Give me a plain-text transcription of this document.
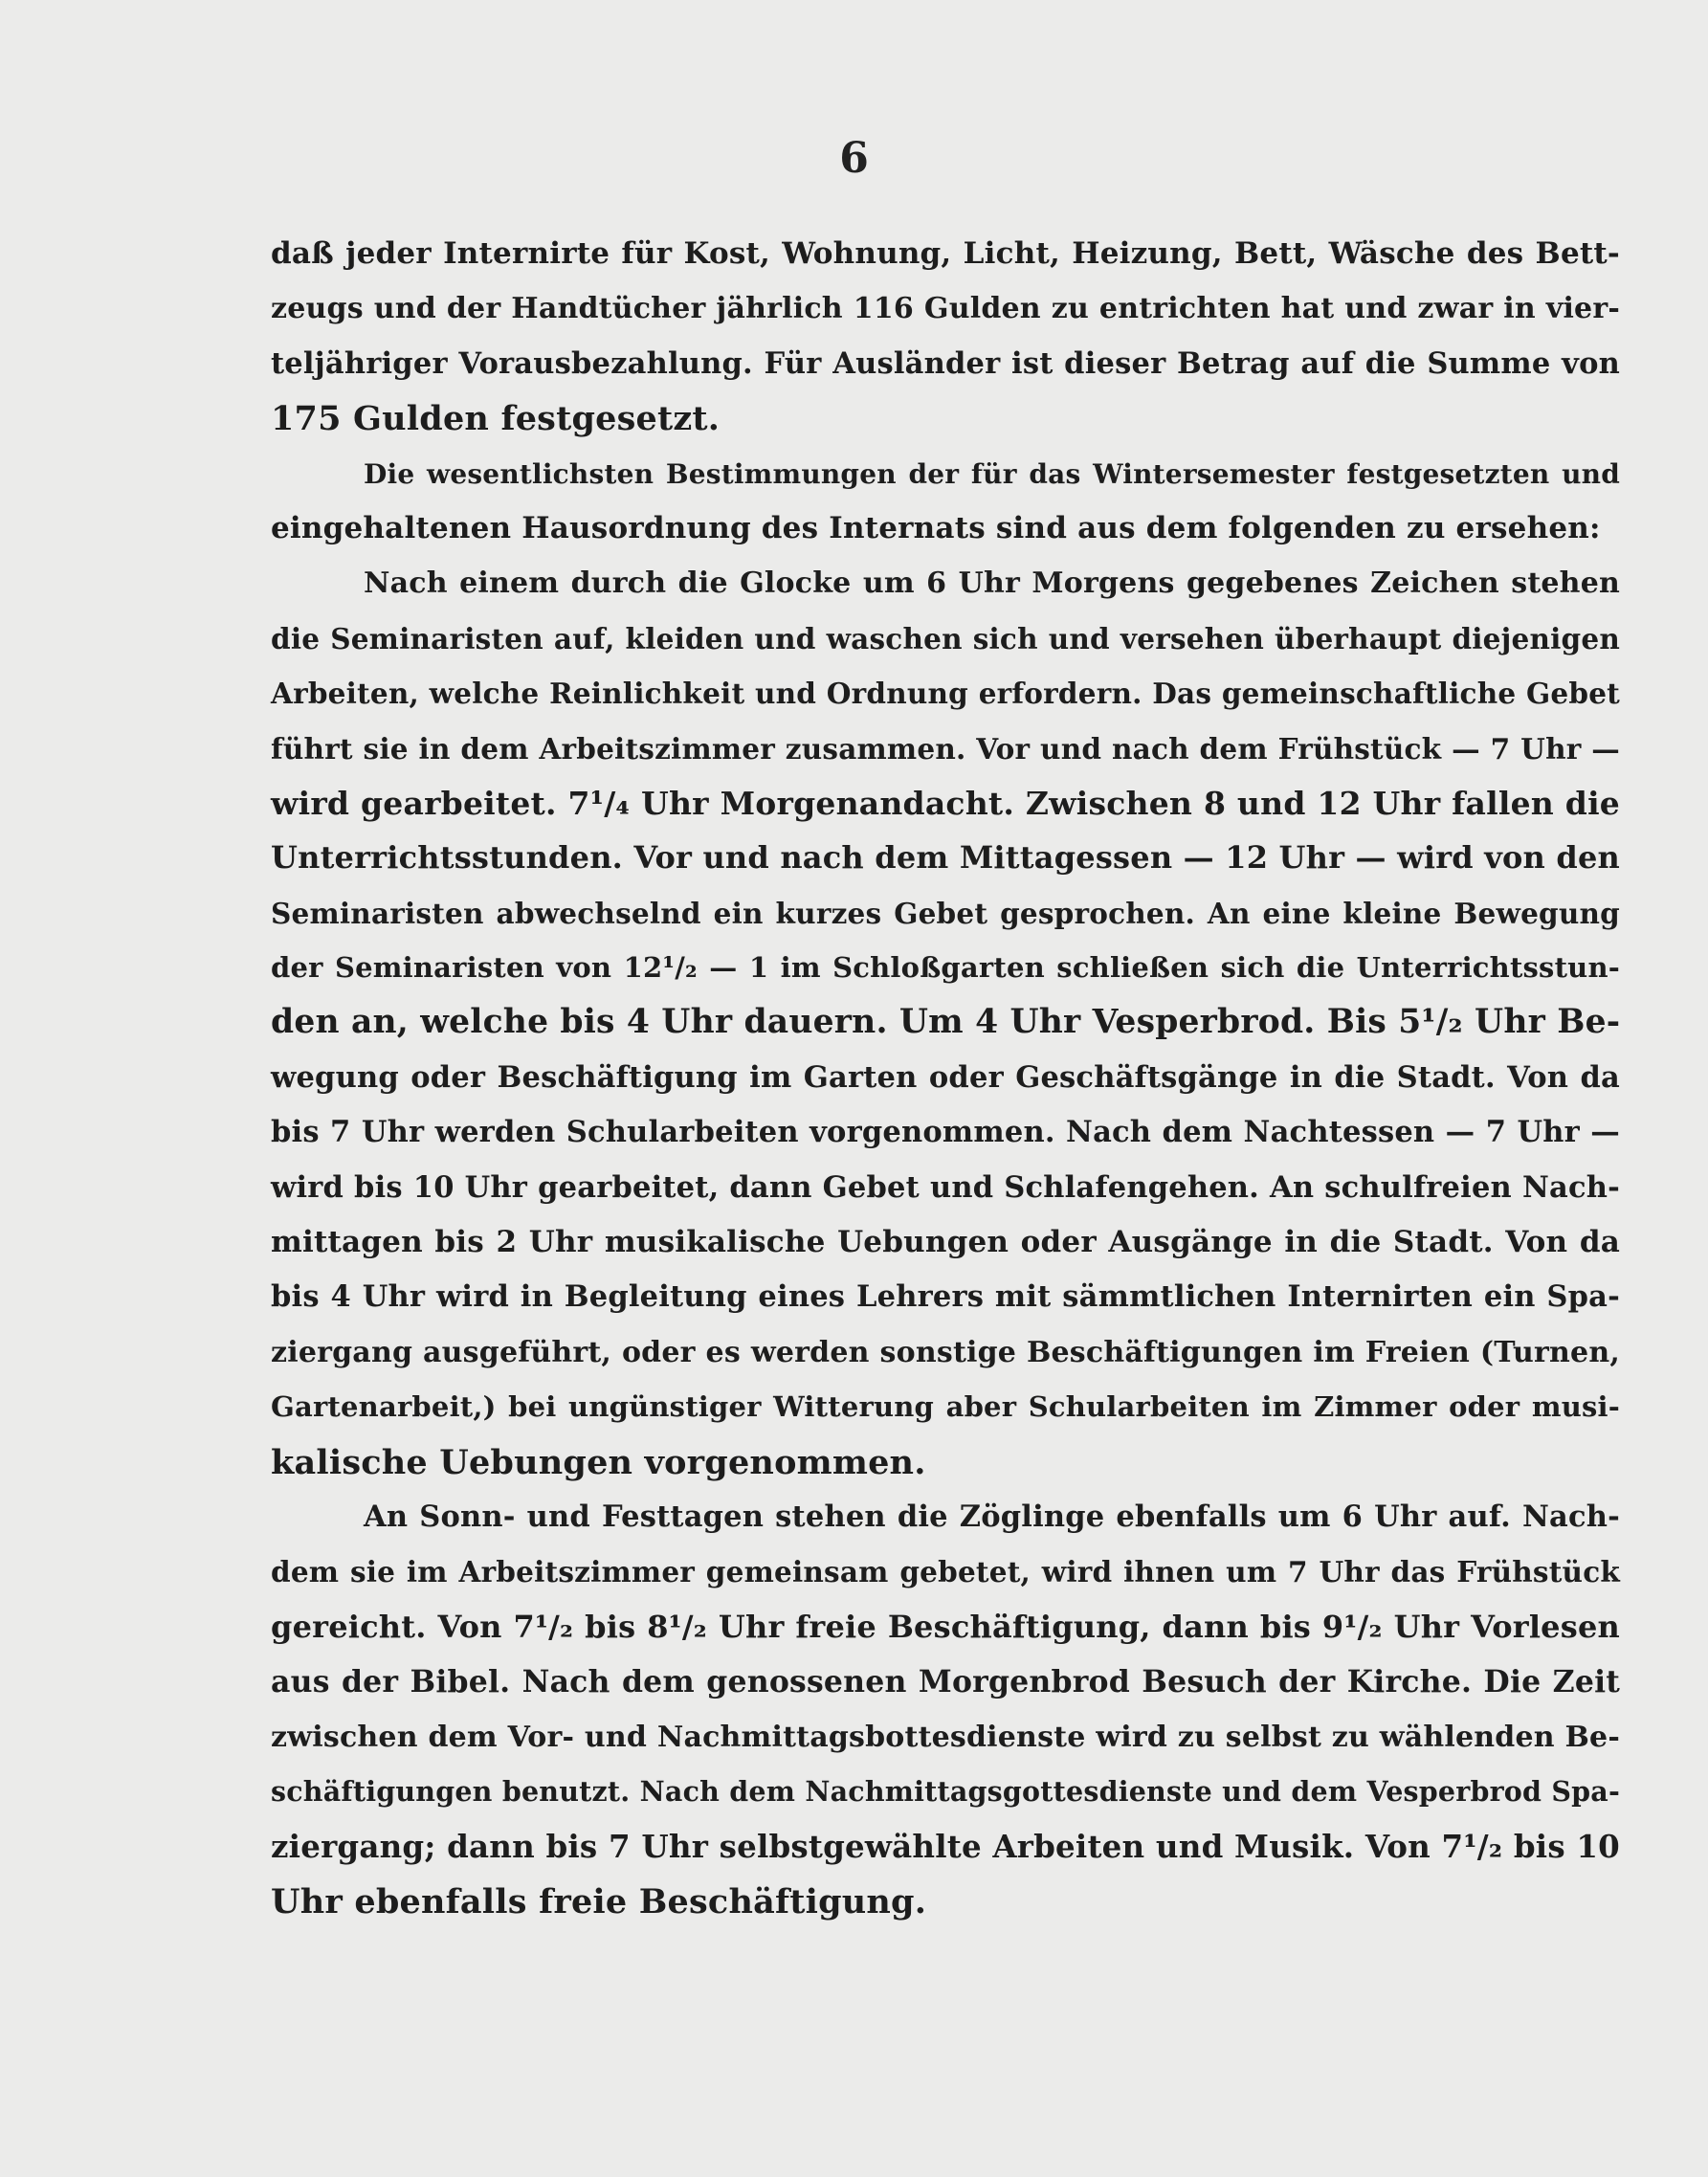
6
daß jeder Internirte für Kost, Wohnung, Licht, Heizung, Bett, Wäsche des Bett-
zeugs und der Handtücher jährlich 116 Gulden zu entrichten hat und zwar in vier-
teljähriger Vorausbezahlung. Für Ausländer ist dieser Betrag auf die Summe von
175 Gulden festgesetzt.
Die wesentlichsten Bestimmungen der für das Wintersemester festgesetzten und
eingehaltenen Hausordnung des Internats sind aus dem folgenden zu ersehen:
Nach einem durch die Glocke um 6 Uhr Morgens gegebenes Zeichen stehen
die Seminaristen auf, kleiden und waschen sich und versehen überhaupt diejenigen
Arbeiten, welche Reinlichkeit und Ordnung erfordern. Das gemeinschaftliche Gebet
führt sie in dem Arbeitszimmer zusammen. Vor und nach dem Frühstück — 7 Uhr —
wird gearbeitet. 7¹/₄ Uhr Morgenandacht. Zwischen 8 und 12 Uhr fallen die
Unterrichtsstunden. Vor und nach dem Mittagessen — 12 Uhr — wird von den
Seminaristen abwechselnd ein kurzes Gebet gesprochen. An eine kleine Bewegung
der Seminaristen von 12¹/₂ — 1 im Schloßgarten schließen sich die Unterrichtsstun-
den an, welche bis 4 Uhr dauern. Um 4 Uhr Vesperbrod. Bis 5¹/₂ Uhr Be-
wegung oder Beschäftigung im Garten oder Geschäftsgänge in die Stadt. Von da
bis 7 Uhr werden Schularbeiten vorgenommen. Nach dem Nachtessen — 7 Uhr —
wird bis 10 Uhr gearbeitet, dann Gebet und Schlafengehen. An schulfreien Nach-
mittagen bis 2 Uhr musikalische Uebungen oder Ausgänge in die Stadt. Von da
bis 4 Uhr wird in Begleitung eines Lehrers mit sämmtlichen Internirten ein Spa-
ziergang ausgeführt, oder es werden sonstige Beschäftigungen im Freien (Turnen,
Gartenarbeit,) bei ungünstiger Witterung aber Schularbeiten im Zimmer oder musi-
kalische Uebungen vorgenommen.
An Sonn- und Festtagen stehen die Zöglinge ebenfalls um 6 Uhr auf. Nach-
dem sie im Arbeitszimmer gemeinsam gebetet, wird ihnen um 7 Uhr das Frühstück
gereicht. Von 7¹/₂ bis 8¹/₂ Uhr freie Beschäftigung, dann bis 9¹/₂ Uhr Vorlesen
aus der Bibel. Nach dem genossenen Morgenbrod Besuch der Kirche. Die Zeit
zwischen dem Vor- und Nachmittagsbottesdienste wird zu selbst zu wählenden Be-
schäftigungen benutzt. Nach dem Nachmittagsgottesdienste und dem Vesperbrod Spa-
ziergang; dann bis 7 Uhr selbstgewählte Arbeiten und Musik. Von 7¹/₂ bis 10
Uhr ebenfalls freie Beschäftigung.
